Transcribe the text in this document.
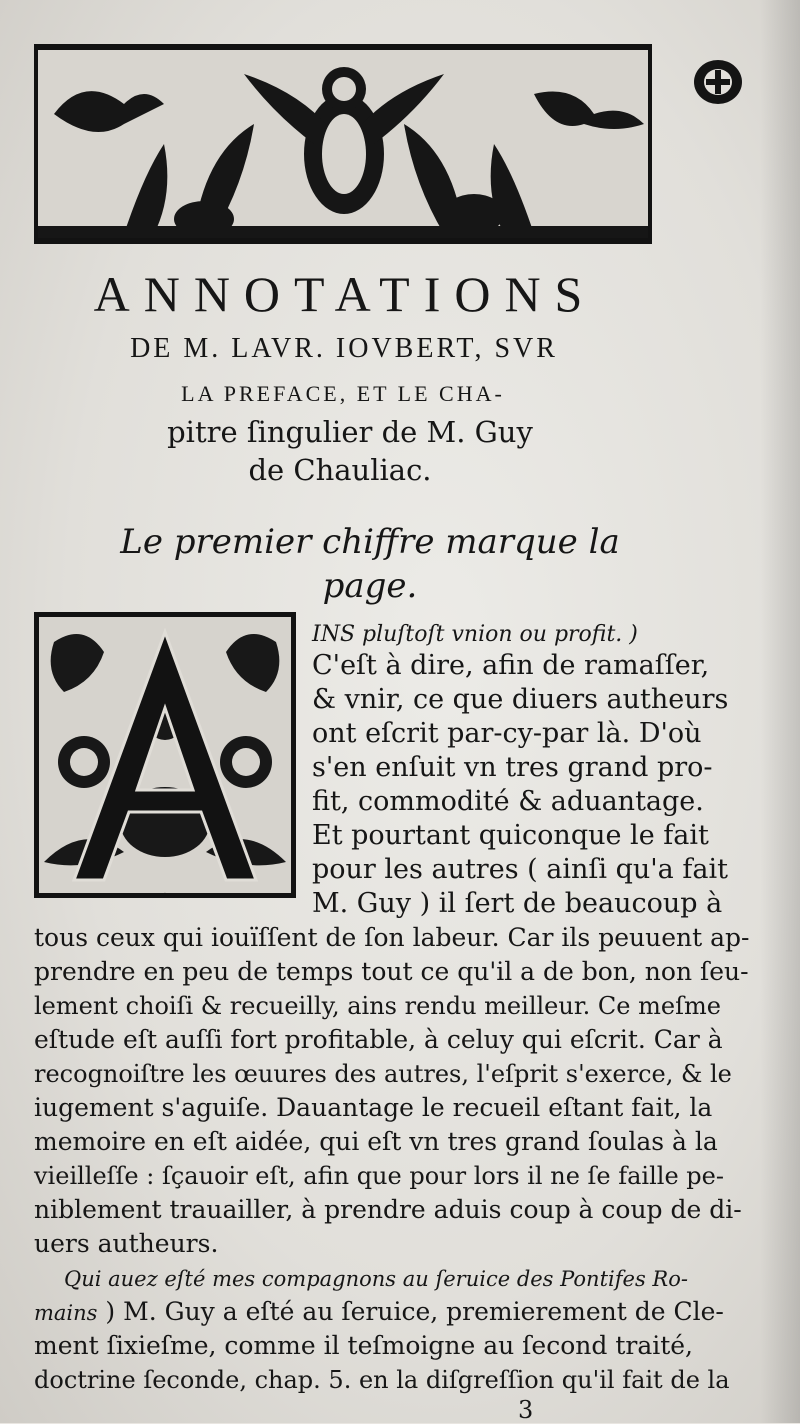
ANNOTATIONS
DE M. LAVR. IOVBERT, SVR
LA PREFACE, ET LE CHA-
pitre ſingulier de M. Guy
de Chauliac.
Le premier chiffre marque la page.
A
INS pluſtoſt vnion ou profit. )
C'eſt à dire, afin de ramaſſer,
& vnir, ce que diuers autheurs
ont eſcrit par-cy-par là. D'où
s'en enſuit vn tres grand pro-
fit, commodité & aduantage.
Et pourtant quiconque le fait
pour les autres ( ainſi qu'a fait
M. Guy ) il ſert de beaucoup à
tous ceux qui iouïſſent de ſon labeur. Car ils peuuent ap-
prendre en peu de temps tout ce qu'il a de bon, non ſeu-
lement choiſi & recueilly, ains rendu meilleur. Ce meſme
eſtude eſt auſſi fort profitable, à celuy qui eſcrit. Car à
recognoiſtre les œuures des autres, l'eſprit s'exerce, & le
iugement s'aguiſe. Dauantage le recueil eſtant fait, la
memoire en eſt aidée, qui eſt vn tres grand ſoulas à la
vieilleſſe : ſçauoir eſt, afin que pour lors il ne ſe faille pe-
niblement trauailler, à prendre aduis coup à coup de di-
uers autheurs.
Qui auez eſté mes compagnons au ſeruice des Pontifes Ro-
mains ) M. Guy a eſté au ſeruice, premierement de Cle-
ment ſixieſme, comme il teſmoigne au ſecond traité,
doctrine ſeconde, chap. 5. en la diſgreſſion qu'il fait de la
3
